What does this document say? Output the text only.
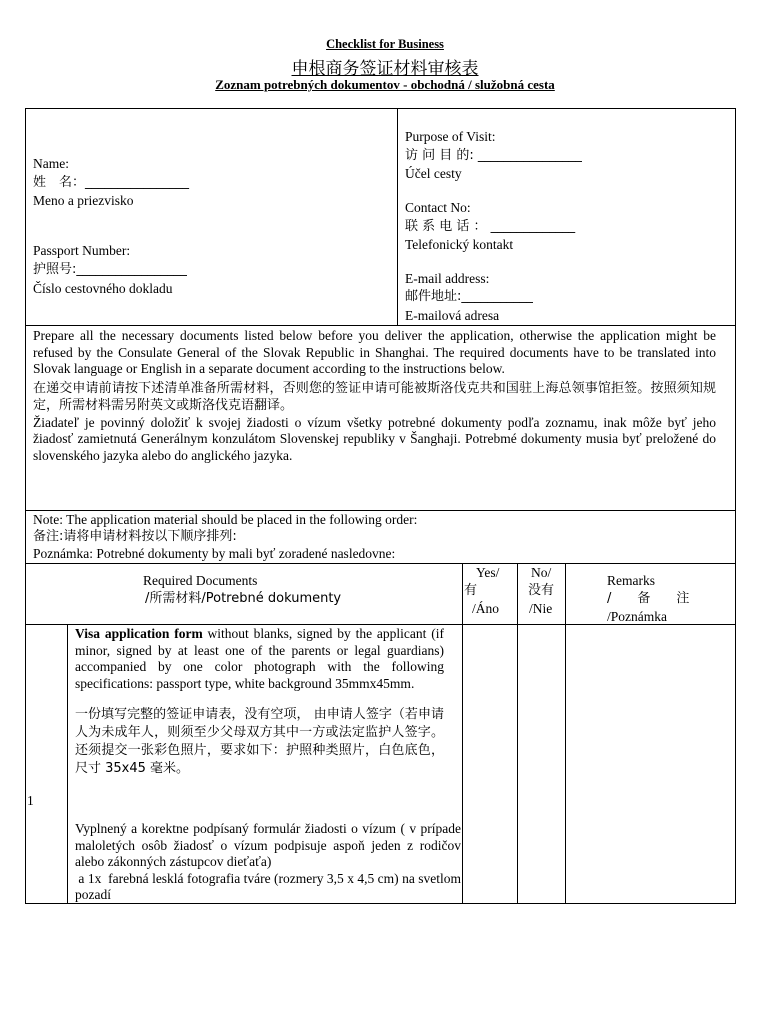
Checklist for Business
申根商务签证材料审核表
Zoznam potrebných dokumentov - obchodná / služobná cesta
Name:
姓　名：________________
Meno a priezvisko
Passport Number:
护照号:_________________
Číslo cestovného dokladu
Purpose of Visit:
访 问 目 的: ________________
Účel cesty
Contact No:
联 系 电 话 ： _____________
Telefonický kontakt
E-mail address:
邮件地址:___________
E-mailová adresa

Prepare all the necessary documents listed below before you deliver the application, otherwise the application might be refused by the Consulate General of the Slovak Republic in Shanghai. The required documents have to be translated into Slovak language or English in a separate document according to the instructions below.

在递交申请前请按下述清单准备所需材料，否则您的签证申请可能被斯洛伐克共和国驻上海总领事馆拒签。按照须知规定，所需材料需另附英文或斯洛伐克语翻译。

Žiadateľ je povinný doložiť k svojej žiadosti o vízum všetky potrebné dokumenty podľa zoznamu, inak môže byť jeho žiadosť zamietnutá Generálnym konzulátom Slovenskej republiky v Šanghaji. Potrebmé dokumenty musia byť preložené do slovenského jazyka alebo do anglického jazyka.

Note: The application material should be placed in the following order:
备注:请将申请材料按以下顺序排列:
Poznámka: Potrebné dokumenty by mali byť zoradené nasledovne:
Required Documents
/所需材料/Potrebné dokumenty
Yes/
有
/Áno
No/
没有
/Nie
Remarks
/　　备　　注
/Poznámka
1
Visa application form without blanks, signed by the applicant (if minor, signed by at least one of the parents or legal guardians) accompanied by one color photograph with the following specifications: passport type, white background 35mmx45mm.
一份填写完整的签证申请表，没有空项， 由申请人签字（若申请人为未成年人，则须至少父母双方其中一方或法定监护人签字。还须提交一张彩色照片，要求如下：护照种类照片，白色底色，尺寸 35x45 毫米。
Vyplnený a korektne podpísaný formulár žiadosti o vízum ( v prípade maloletých osôb žiadosť o vízum podpisuje aspoň jeden z rodičov alebo zákonných zástupcov dieťaťa)
a 1x  farebná lesklá fotografia tváre (rozmery 3,5 x 4,5 cm) na svetlom pozadí
